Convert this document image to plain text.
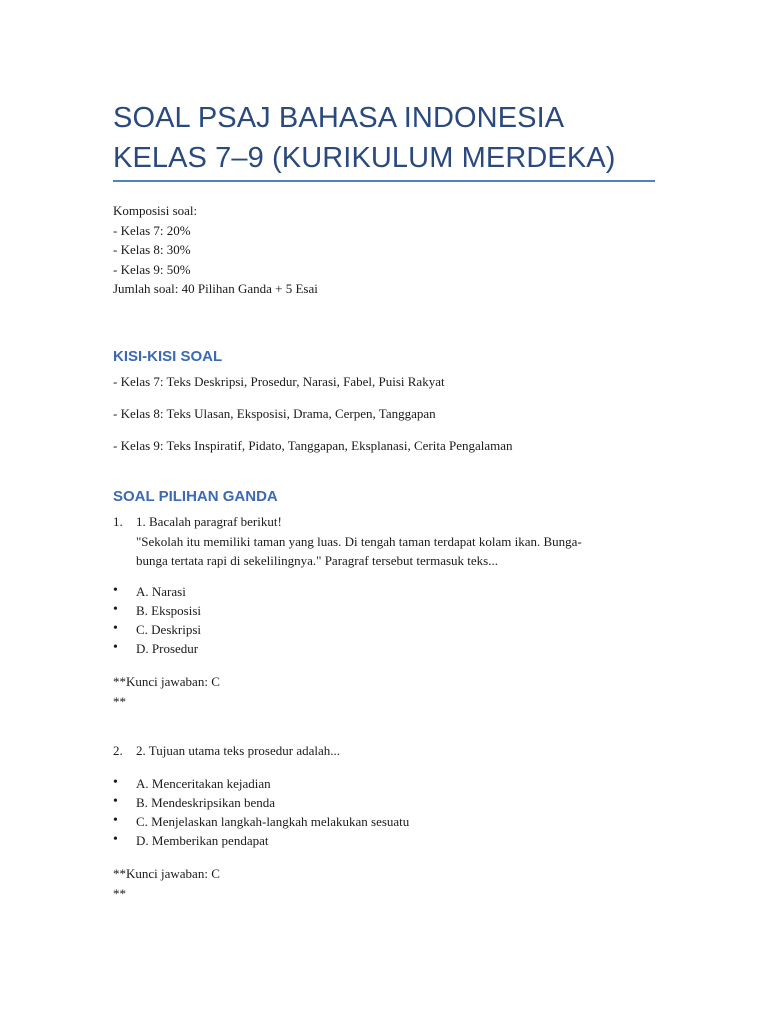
SOAL PSAJ BAHASA INDONESIA KELAS 7–9 (KURIKULUM MERDEKA)
Komposisi soal:
- Kelas 7: 20%
- Kelas 8: 30%
- Kelas 9: 50%
Jumlah soal: 40 Pilihan Ganda + 5 Esai
KISI-KISI SOAL
- Kelas 7: Teks Deskripsi, Prosedur, Narasi, Fabel, Puisi Rakyat
- Kelas 8: Teks Ulasan, Eksposisi, Drama, Cerpen, Tanggapan
- Kelas 9: Teks Inspiratif, Pidato, Tanggapan, Eksplanasi, Cerita Pengalaman
SOAL PILIHAN GANDA
1. 1. Bacalah paragraf berikut!
"Sekolah itu memiliki taman yang luas. Di tengah taman terdapat kolam ikan. Bunga-
bunga tertata rapi di sekelilingnya." Paragraf tersebut termasuk teks...
• A. Narasi
• B. Eksposisi
• C. Deskripsi
• D. Prosedur
**Kunci jawaban: C
**
2. 2. Tujuan utama teks prosedur adalah...
• A. Menceritakan kejadian
• B. Mendeskripsikan benda
• C. Menjelaskan langkah-langkah melakukan sesuatu
• D. Memberikan pendapat
**Kunci jawaban: C
**
